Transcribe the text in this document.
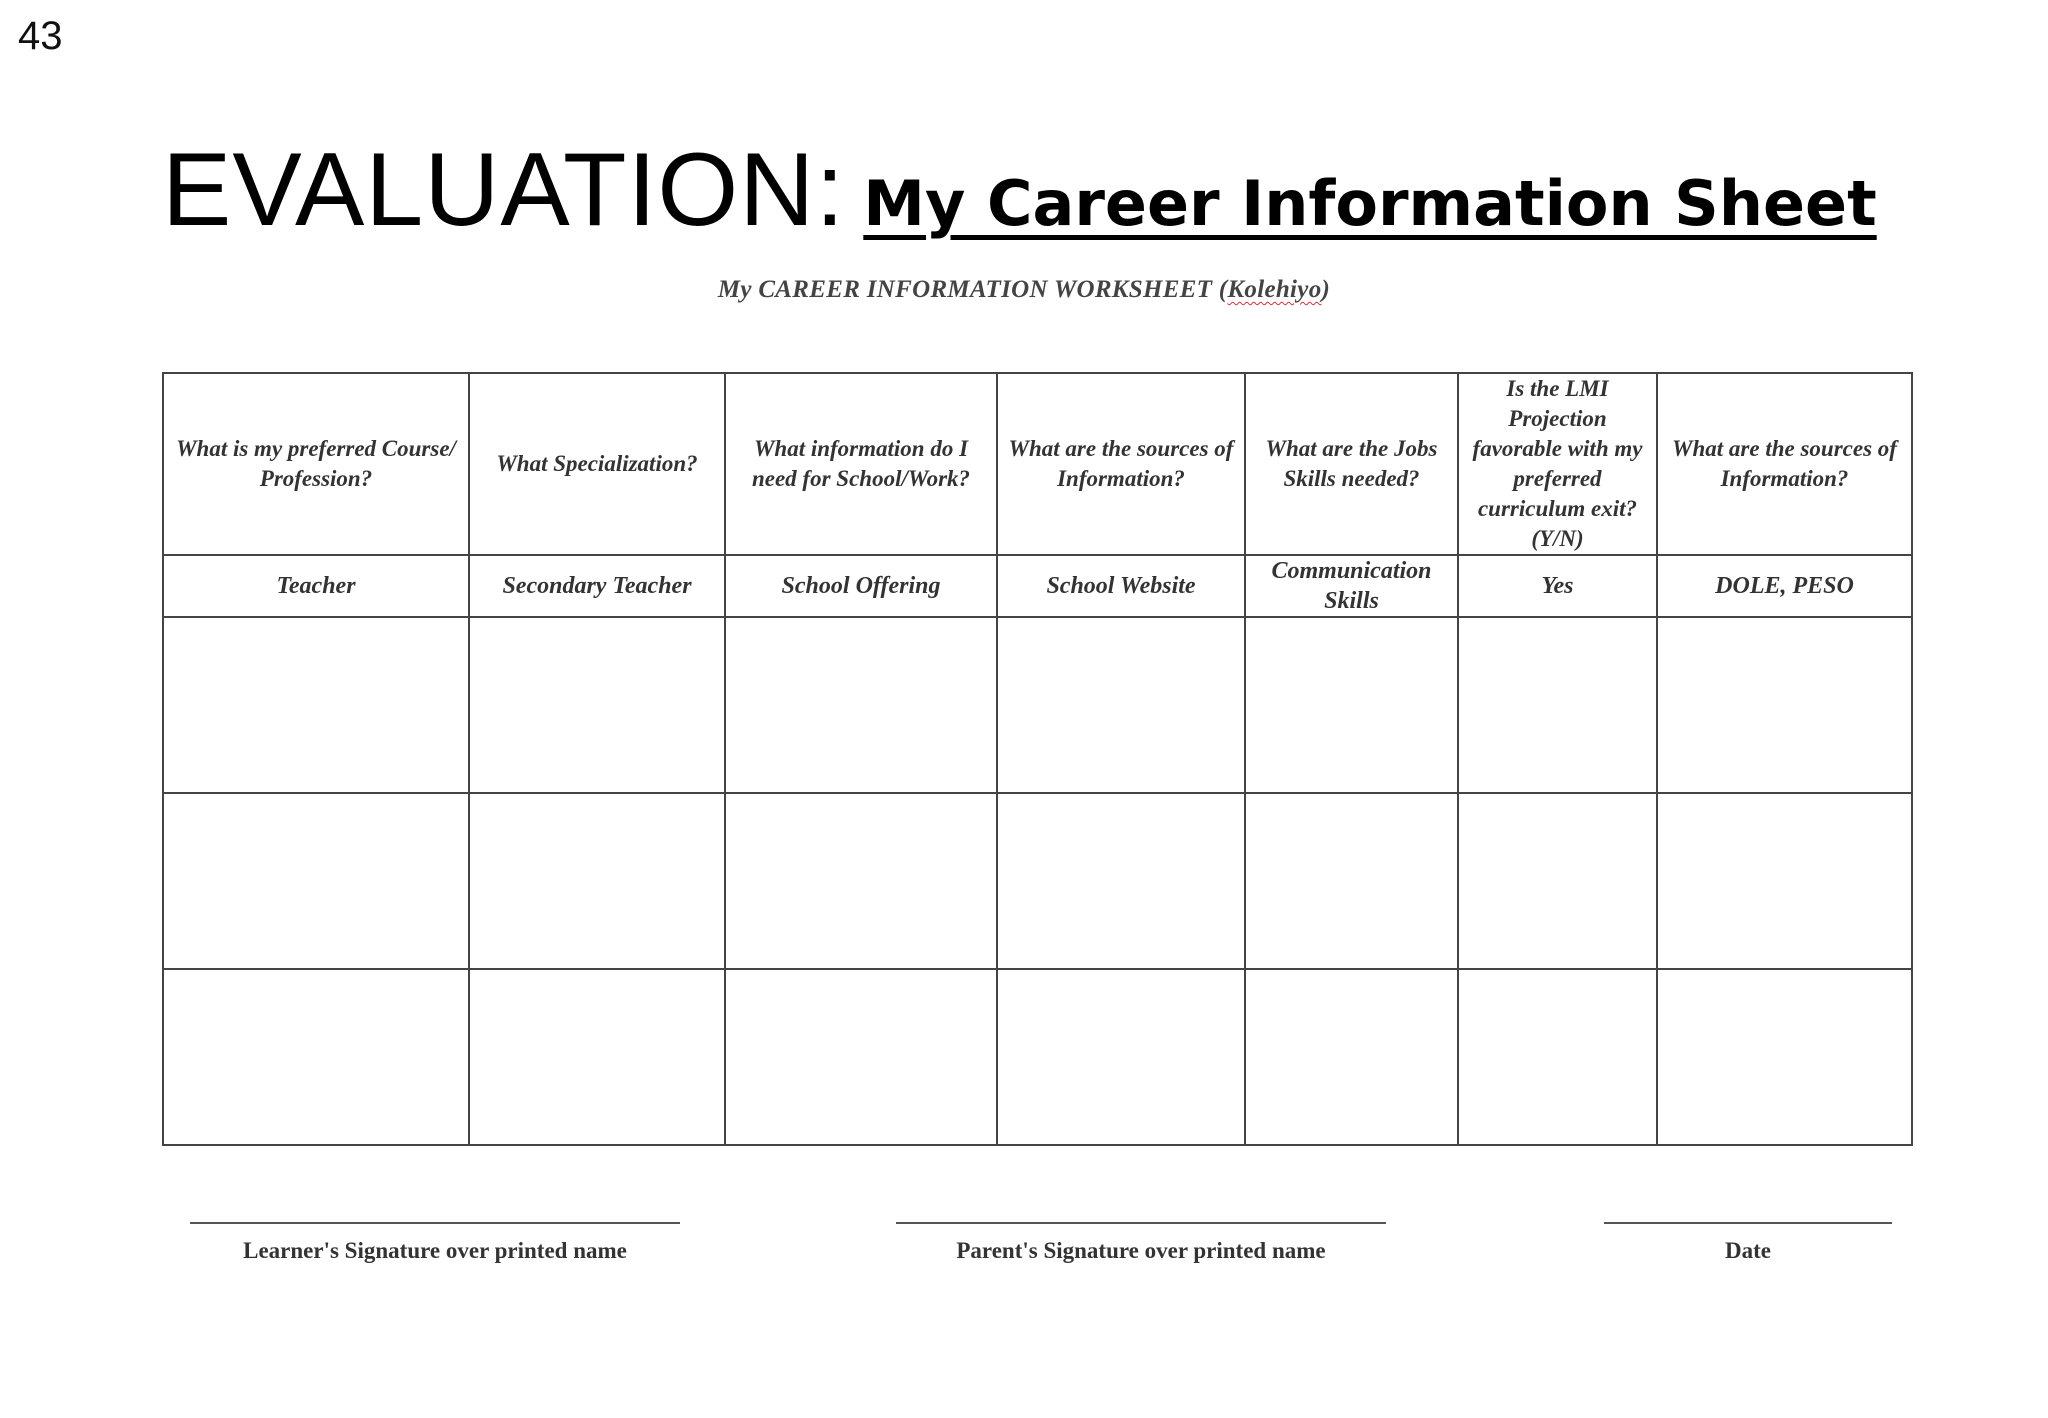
43
EVALUATION: My Career Information Sheet
My CAREER INFORMATION WORKSHEET (Kolehiyo)
What is my preferred Course/ Profession?	What Specialization?	What information do I need for School/Work?	What are the sources of Information?	What are the Jobs Skills needed?	Is the LMI Projection favorable with my preferred curriculum exit? (Y/N)	What are the sources of Information?
Teacher	Secondary Teacher	School Offering	School Website	Communication Skills	Yes	DOLE, PESO

Learner's Signature over printed name	Parent's Signature over printed name	Date
